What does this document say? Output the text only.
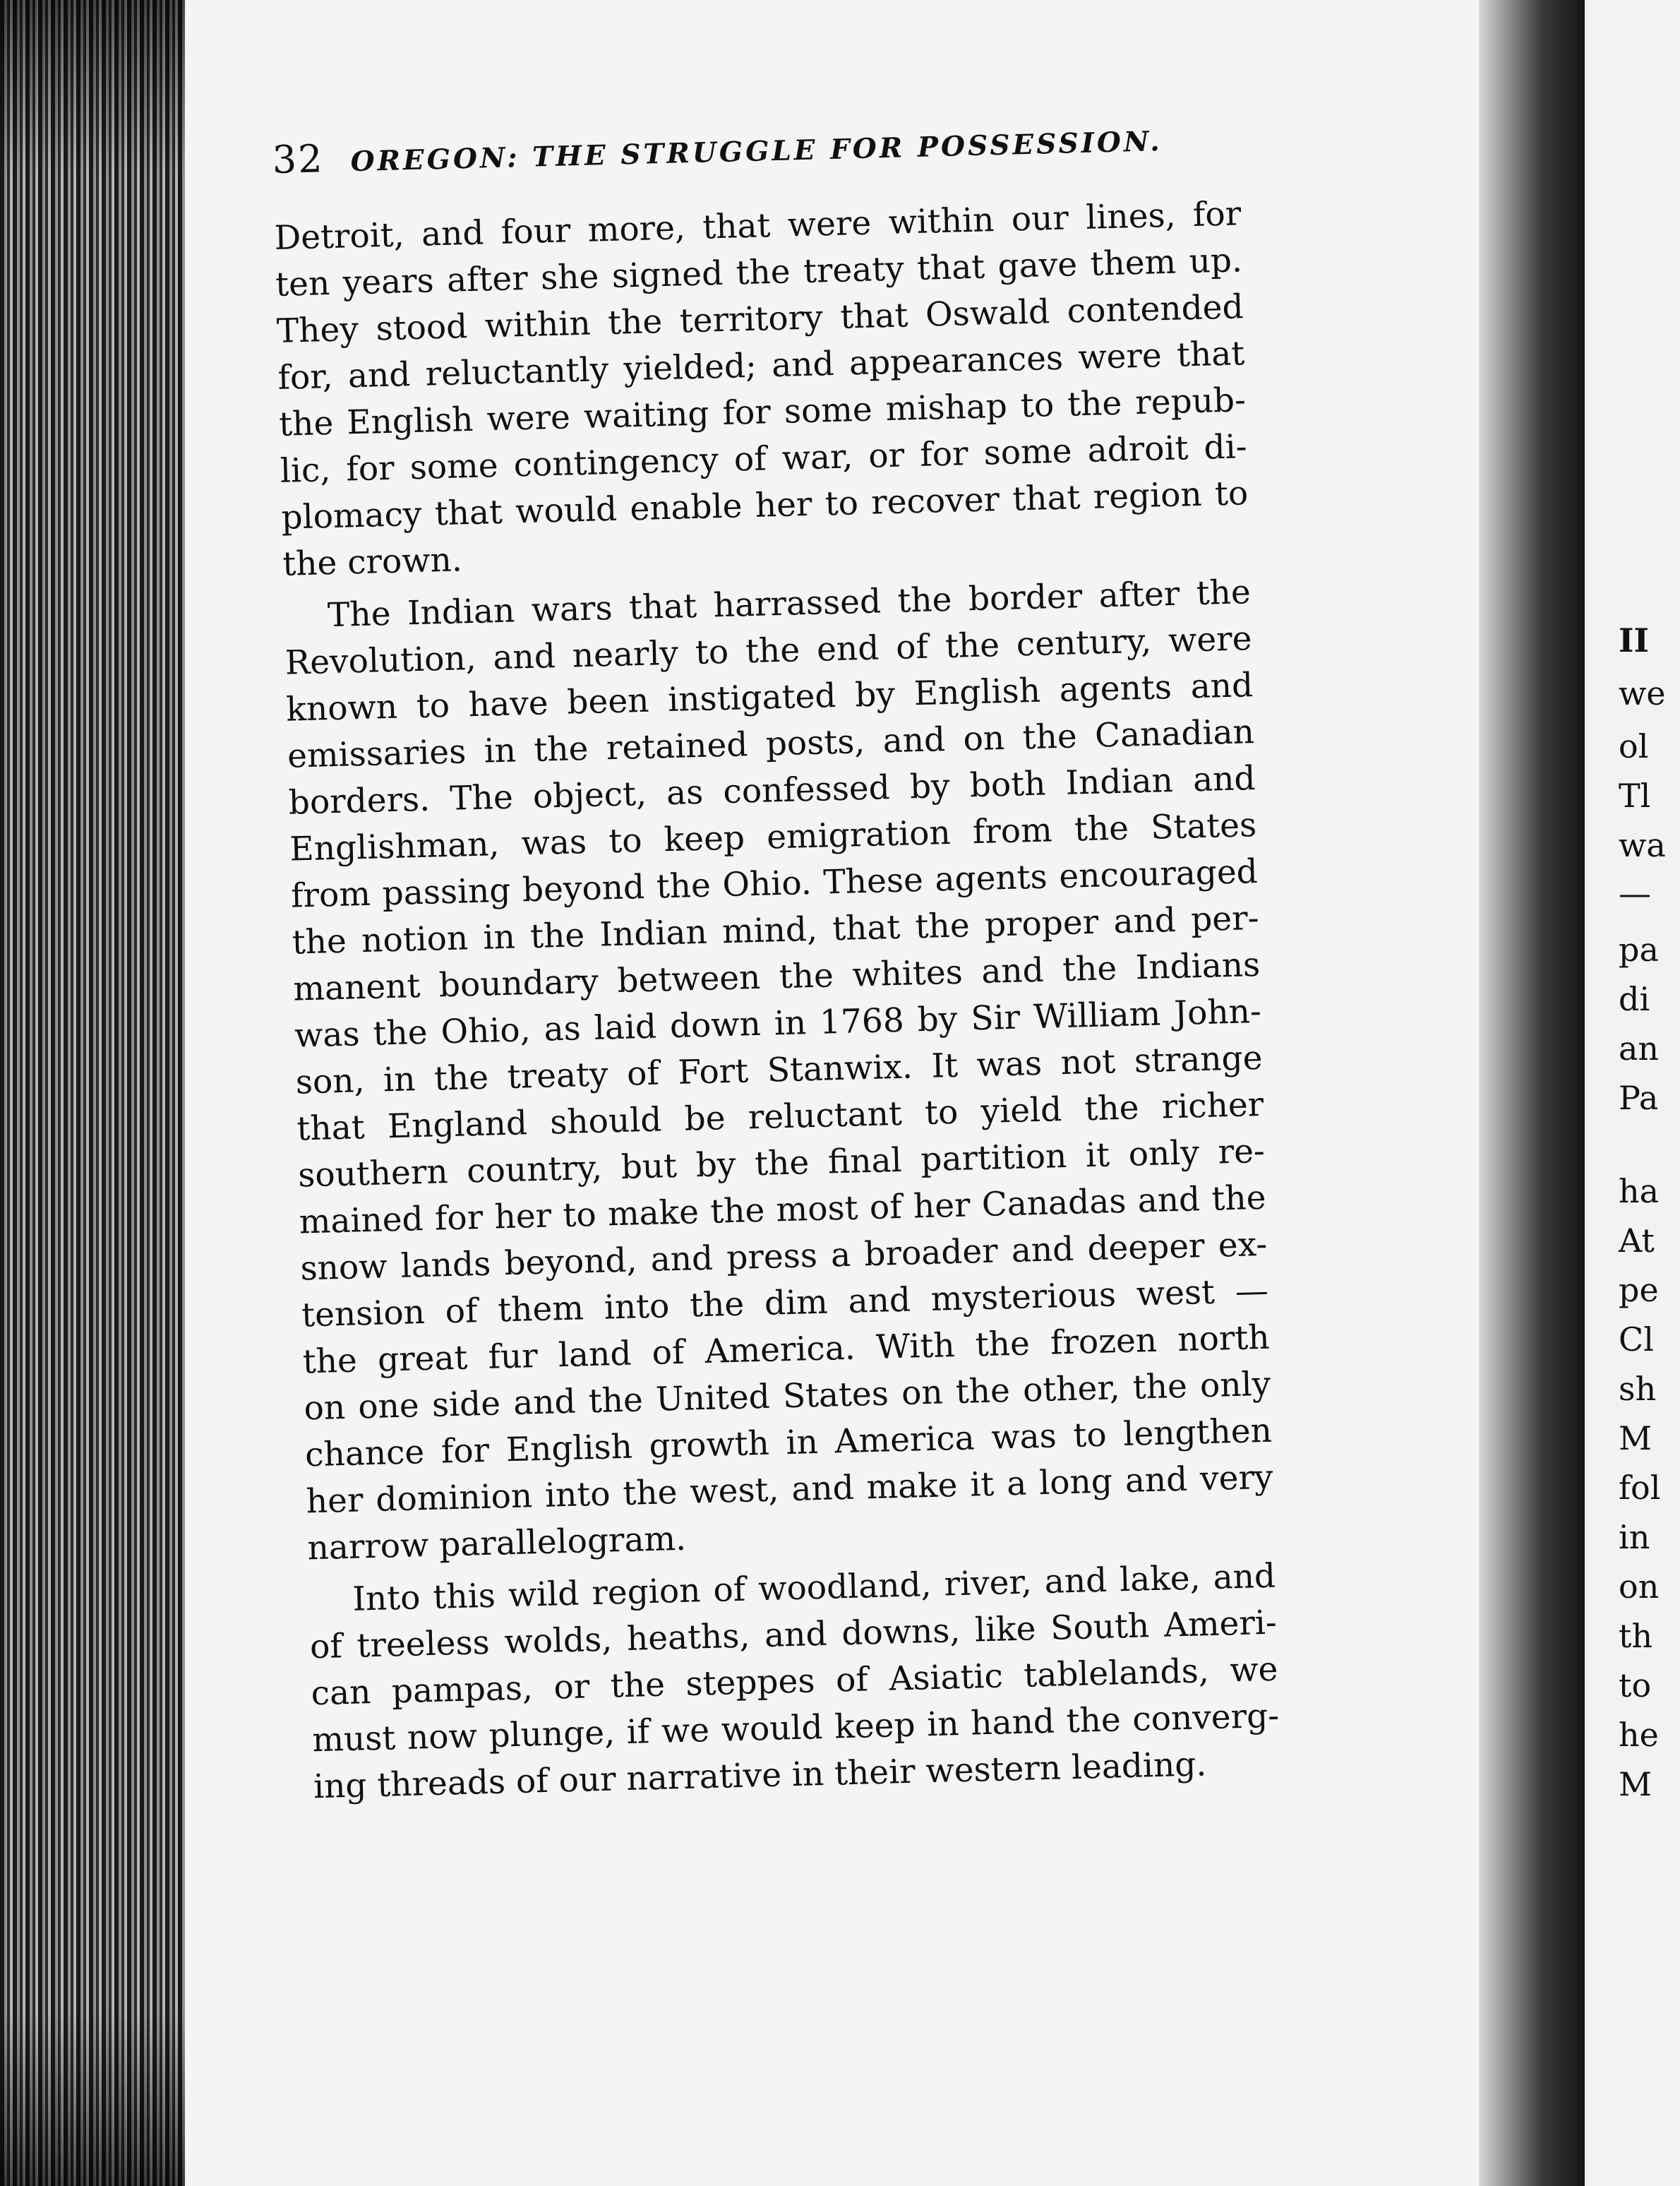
II
we
ol
Tl
wa
—
pa
di
an
Pa
ha
At
pe
Cl
sh
M
fol
in
on
th
to
he
M
32 OREGON: THE STRUGGLE FOR POSSESSION.
Detroit, and four more, that were within our lines, for
ten years after she signed the treaty that gave them up.
They stood within the territory that Oswald contended
for, and reluctantly yielded; and appearances were that
the English were waiting for some mishap to the repub-
lic, for some contingency of war, or for some adroit di-
plomacy that would enable her to recover that region to
the crown.
The Indian wars that harrassed the border after the
Revolution, and nearly to the end of the century, were
known to have been instigated by English agents and
emissaries in the retained posts, and on the Canadian
borders. The object, as confessed by both Indian and
Englishman, was to keep emigration from the States
from passing beyond the Ohio. These agents encouraged
the notion in the Indian mind, that the proper and per-
manent boundary between the whites and the Indians
was the Ohio, as laid down in 1768 by Sir William John-
son, in the treaty of Fort Stanwix. It was not strange
that England should be reluctant to yield the richer
southern country, but by the final partition it only re-
mained for her to make the most of her Canadas and the
snow lands beyond, and press a broader and deeper ex-
tension of them into the dim and mysterious west —
the great fur land of America. With the frozen north
on one side and the United States on the other, the only
chance for English growth in America was to lengthen
her dominion into the west, and make it a long and very
narrow parallelogram.
Into this wild region of woodland, river, and lake, and
of treeless wolds, heaths, and downs, like South Ameri-
can pampas, or the steppes of Asiatic tablelands, we
must now plunge, if we would keep in hand the converg-
ing threads of our narrative in their western leading.
